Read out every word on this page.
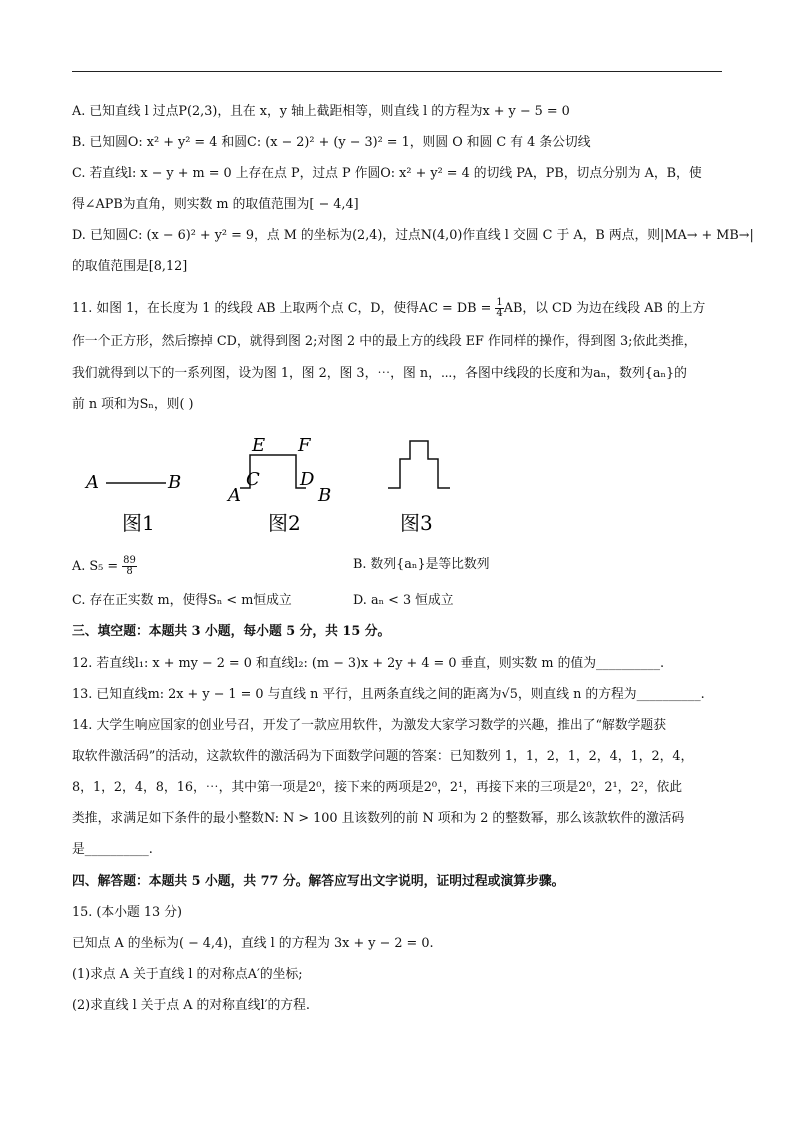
A. 已知直线 l 过点P(2,3)，且在 x，y 轴上截距相等，则直线 l 的方程为x + y − 5 = 0
B. 已知圆O: x² + y² = 4 和圆C: (x − 2)² + (y − 3)² = 1，则圆 O 和圆 C 有 4 条公切线
C. 若直线l: x − y + m = 0 上存在点 P，过点 P 作圆O: x² + y² = 4 的切线 PA，PB，切点分别为 A，B，使
得∠APB为直角，则实数 m 的取值范围为[ − 4,4]
D. 已知圆C: (x − 6)² + y² = 9，点 M 的坐标为(2,4)，过点N(4,0)作直线 l 交圆 C 于 A，B 两点，则|MA→ + MB→|
的取值范围是[8,12]
11. 如图 1，在长度为 1 的线段 AB 上取两个点 C，D，使得AC = DB = $\frac{1}{4}$ AB，以 CD 为边在线段 AB 的上方
作一个正方形，然后擦掉 CD，就得到图 2;对图 2 中的最上方的线段 EF 作同样的操作，得到图 3;依此类推，
我们就得到以下的一系列图，设为图 1，图 2，图 3，⋯，图 n，⋯，各图中线段的长度和为aₙ，数列{aₙ}的
前 n 项和为Sₙ，则( )
A	B
图1
A
C
E F
D
B
图2	图3
A. $S_5 = \frac{89}{8}$	B. 数列{aₙ}是等比数列
C. 存在正实数 m，使得Sₙ < m恒成立	D. aₙ < 3 恒成立
三、填空题：本题共 3 小题，每小题 5 分，共 15 分。
12. 若直线l₁: x + my − 2 = 0 和直线l₂: (m − 3)x + 2y + 4 = 0 垂直，则实数 m 的值为__________.
13. 已知直线m: 2x + y − 1 = 0 与直线 n 平行，且两条直线之间的距离为√5，则直线 n 的方程为__________.
14. 大学生响应国家的创业号召，开发了一款应用软件，为激发大家学习数学的兴趣，推出了“解数学题获
取软件激活码”的活动，这款软件的激活码为下面数学问题的答案：已知数列 1，1，2，1，2，4，1，2，4，
8，1，2，4，8，16，⋯，其中第一项是2⁰，接下来的两项是2⁰，2¹，再接下来的三项是2⁰，2¹，2²，依此
类推，求满足如下条件的最小整数N: N > 100 且该数列的前 N 项和为 2 的整数幂，那么该款软件的激活码
是__________.
四、解答题：本题共 5 小题，共 77 分。解答应写出文字说明，证明过程或演算步骤。
15. (本小题 13 分)
已知点 A 的坐标为( − 4,4)，直线 l 的方程为 3x + y − 2 = 0.
(1)求点 A 关于直线 l 的对称点A′的坐标;
(2)求直线 l 关于点 A 的对称直线l′的方程.
